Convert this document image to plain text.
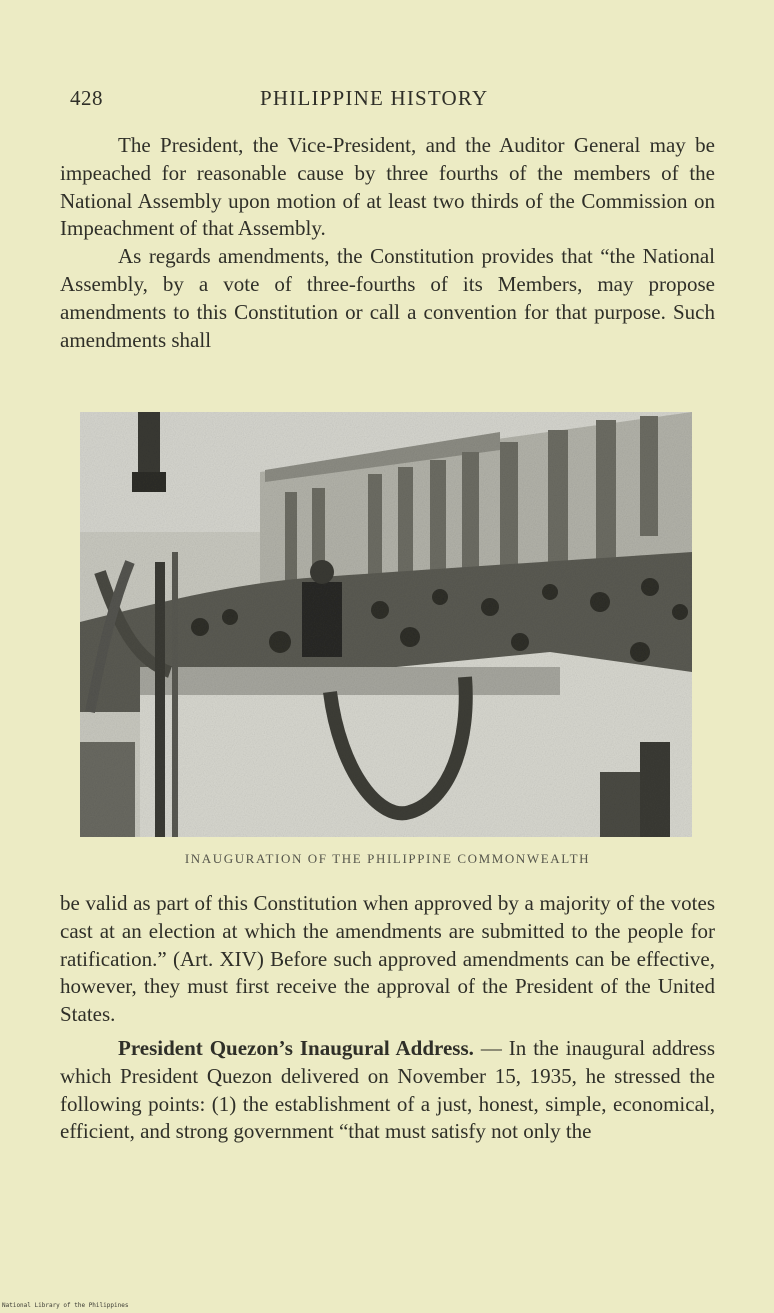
428	PHILIPPINE HISTORY

The President, the Vice-President, and the Auditor General may be impeached for reasonable cause by three fourths of the members of the National Assembly upon motion of at least two thirds of the Commission on Impeachment of that Assembly.

As regards amendments, the Constitution provides that “the National Assembly, by a vote of three-fourths of its Members, may propose amendments to this Constitution or call a convention for that purpose. Such amendments shall

INAUGURATION OF THE PHILIPPINE COMMONWEALTH

be valid as part of this Constitution when approved by a majority of the votes cast at an election at which the amendments are submitted to the people for ratification.” (Art. XIV) Before such approved amendments can be effective, however, they must first receive the approval of the President of the United States.

President Quezon’s Inaugural Address. — In the inaugural address which President Quezon delivered on November 15, 1935, he stressed the following points: (1) the establishment of a just, honest, simple, economical, efficient, and strong government “that must satisfy not only the

National Library of the Philippines
